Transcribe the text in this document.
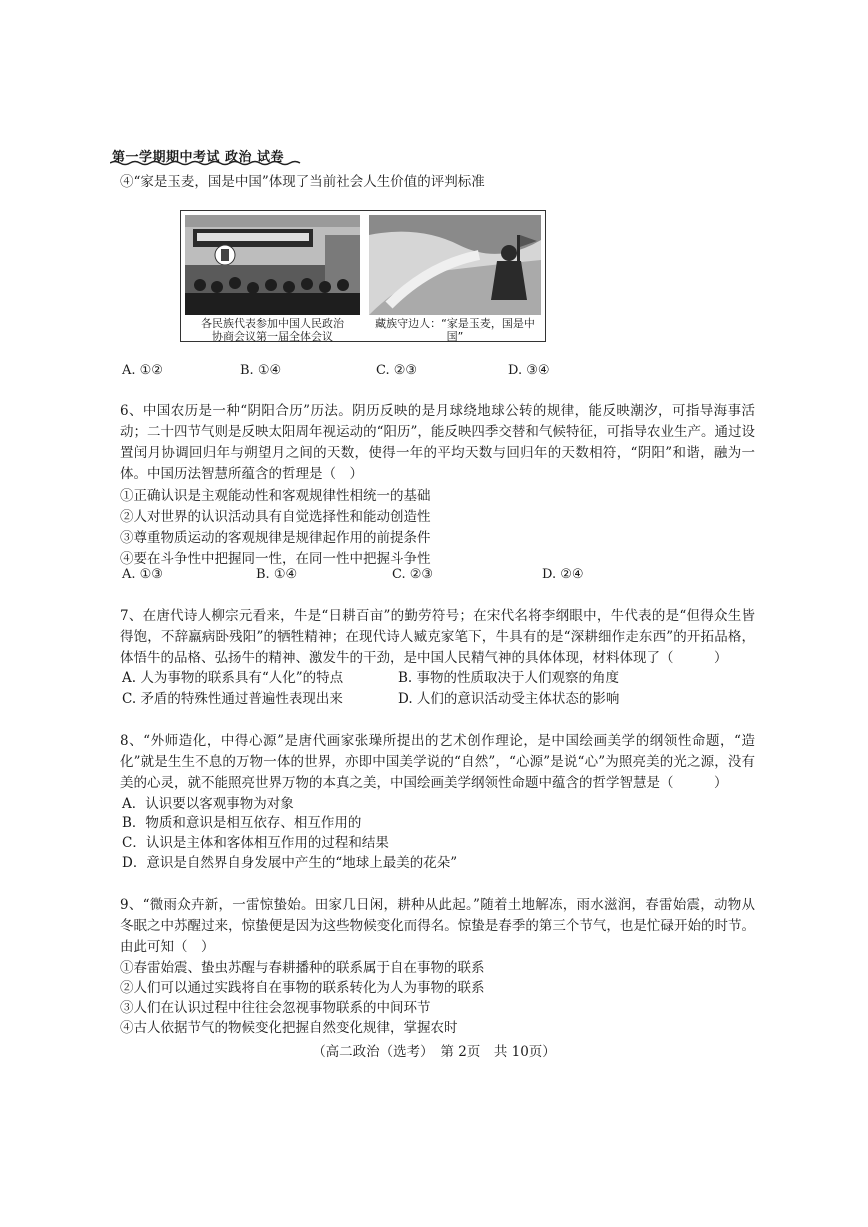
第一学期期中考试 政治 试卷
④“家是玉麦，国是中国”体现了当前社会人生价值的评判标准
各民族代表参加中国人民政治
协商会议第一届全体会议
藏族守边人：“家是玉麦，国是中国”
A. ①②	B. ①④	C. ②③	D. ③④
6、中国农历是一种“阴阳合历”历法。阴历反映的是月球绕地球公转的规律，能反映潮汐，可指导海事活动；二十四节气则是反映太阳周年视运动的“阳历”，能反映四季交替和气候特征，可指导农业生产。通过设置闰月协调回归年与朔望月之间的天数，使得一年的平均天数与回归年的天数相符，“阴阳”和谐，融为一体。中国历法智慧所蕴含的哲理是（　）
①正确认识是主观能动性和客观规律性相统一的基础
②人对世界的认识活动具有自觉选择性和能动创造性
③尊重物质运动的客观规律是规律起作用的前提条件
④要在斗争性中把握同一性，在同一性中把握斗争性
A. ①③	B. ①④	C. ②③	D. ②④
7、在唐代诗人柳宗元看来，牛是“日耕百亩”的勤劳符号；在宋代名将李纲眼中，牛代表的是“但得众生皆得饱，不辞羸病卧残阳”的牺牲精神；在现代诗人臧克家笔下，牛具有的是“深耕细作走东西”的开拓品格，体悟牛的品格、弘扬牛的精神、激发牛的干劲，是中国人民精气神的具体体现，材料体现了（　　　）
A. 人为事物的联系具有“人化”的特点	B. 事物的性质取决于人们观察的角度
C. 矛盾的特殊性通过普遍性表现出来	D. 人们的意识活动受主体状态的影响
8、“外师造化，中得心源”是唐代画家张璪所提出的艺术创作理论，是中国绘画美学的纲领性命题，“造化”就是生生不息的万物一体的世界，亦即中国美学说的“自然”，“心源”是说“心”为照亮美的光之源，没有美的心灵，就不能照亮世界万物的本真之美，中国绘画美学纲领性命题中蕴含的哲学智慧是（　　　）
A．认识要以客观事物为对象
B．物质和意识是相互依存、相互作用的
C．认识是主体和客体相互作用的过程和结果
D．意识是自然界自身发展中产生的“地球上最美的花朵”
9、“微雨众卉新，一雷惊蛰始。田家几日闲，耕种从此起。”随着土地解冻，雨水滋润，春雷始震，动物从冬眠之中苏醒过来，惊蛰便是因为这些物候变化而得名。惊蛰是春季的第三个节气，也是忙碌开始的时节。由此可知（　）
①春雷始震、蛰虫苏醒与春耕播种的联系属于自在事物的联系
②人们可以通过实践将自在事物的联系转化为人为事物的联系
③人们在认识过程中往往会忽视事物联系的中间环节
④古人依据节气的物候变化把握自然变化规律，掌握农时
（高二政治（选考）　第 2页　共 10页）
